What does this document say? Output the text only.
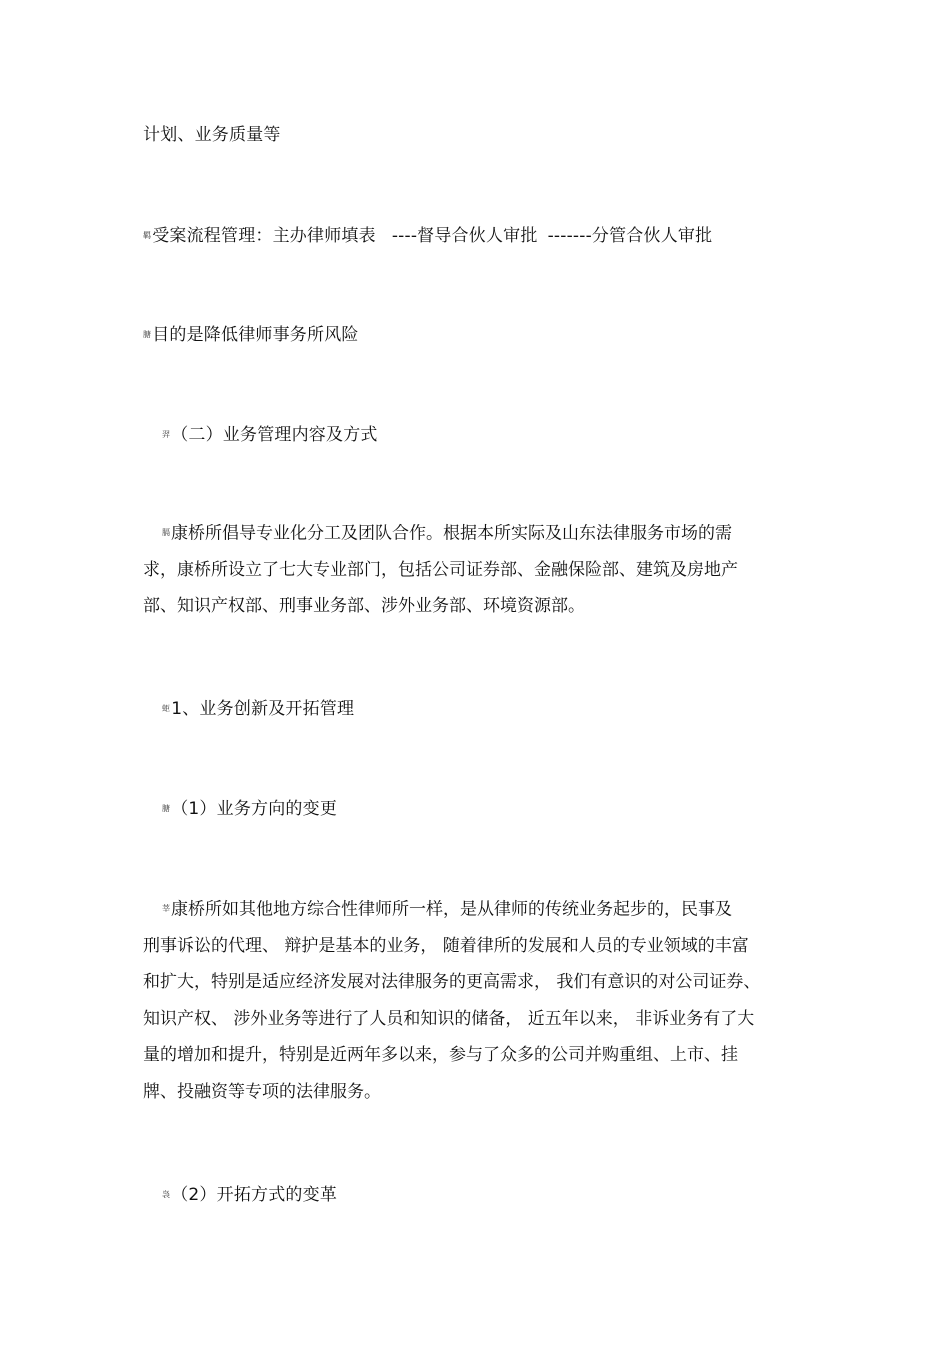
计划、业务质量等
羁受案流程管理：主办律师填表 ----督导合伙人审批 -------分管合伙人审批
膅目的是降低律师事务所风险
羿（二）业务管理内容及方式
膈康桥所倡导专业化分工及团队合作。根据本所实际及山东法律服务市场的需
求，康桥所设立了七大专业部门，包括公司证券部、金融保险部、建筑及房地产
部、知识产权部、刑事业务部、涉外业务部、环境资源部。
蚷1、业务创新及开拓管理
膅（1）业务方向的变更
莘康桥所如其他地方综合性律师所一样，是从律师的传统业务起步的，民事及
刑事诉讼的代理、 辩护是基本的业务， 随着律所的发展和人员的专业领域的丰富
和扩大，特别是适应经济发展对法律服务的更高需求， 我们有意识的对公司证券、
知识产权、 涉外业务等进行了人员和知识的储备， 近五年以来， 非诉业务有了大
量的增加和提升，特别是近两年多以来，参与了众多的公司并购重组、上市、挂
牌、投融资等专项的法律服务。
袅（2）开拓方式的变革
